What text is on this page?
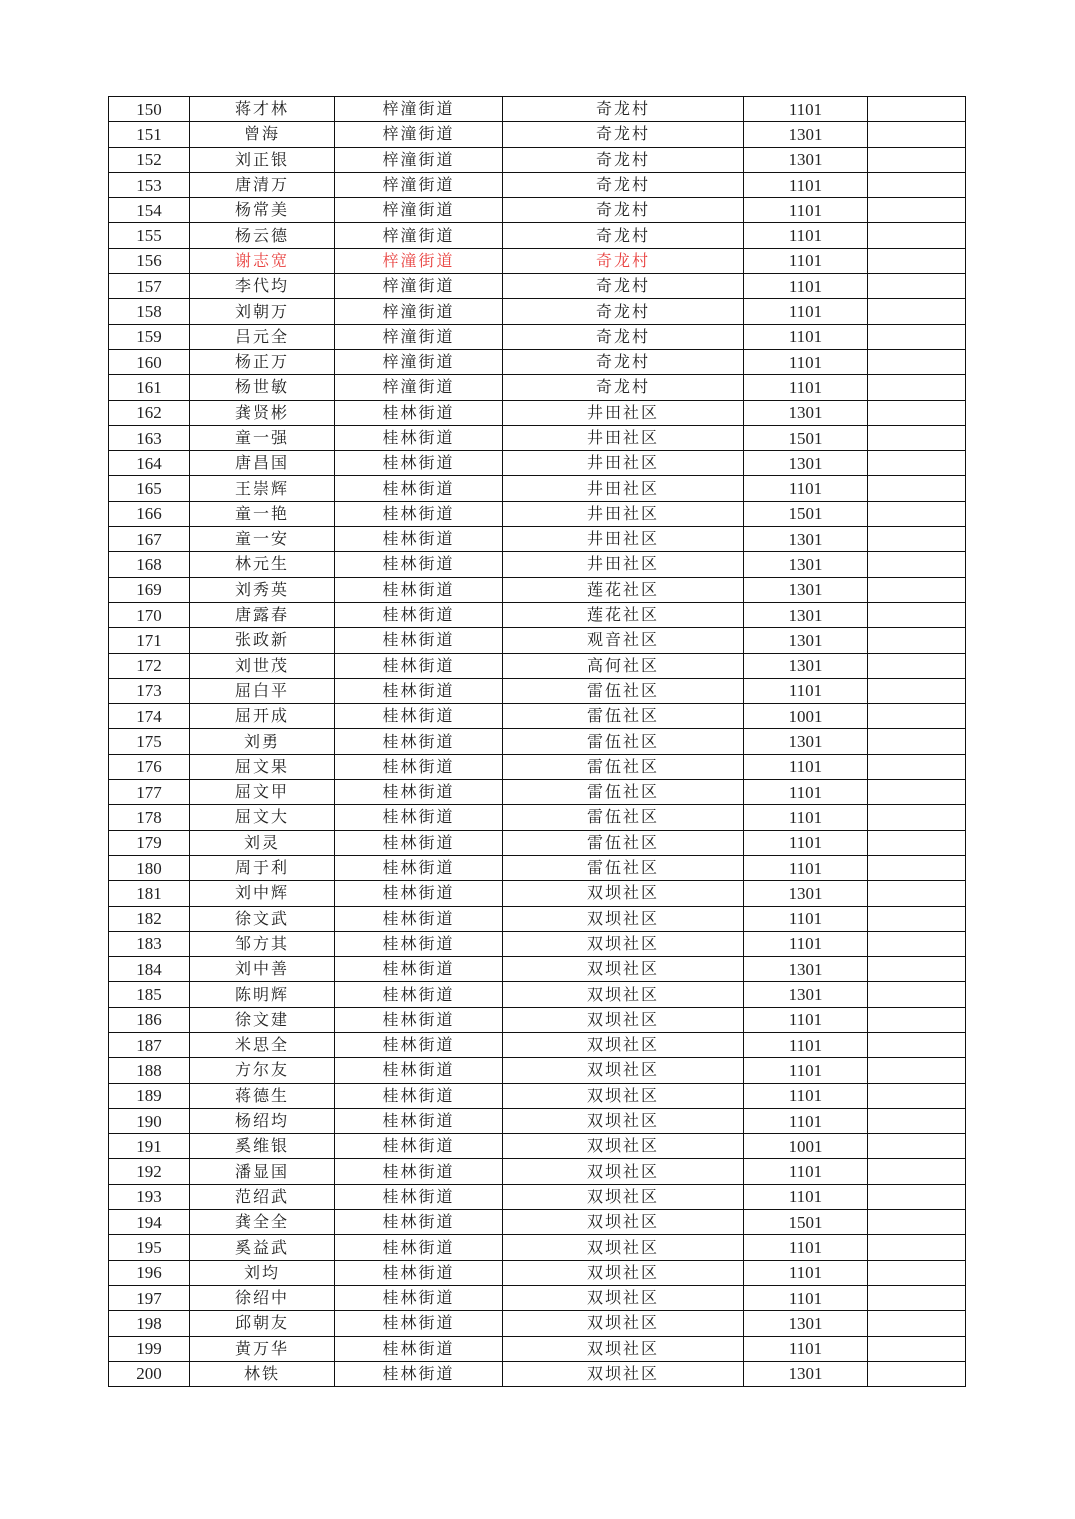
150	蒋才林	梓潼街道	奇龙村	1101	
151	曾海	梓潼街道	奇龙村	1301	
152	刘正银	梓潼街道	奇龙村	1301	
153	唐清万	梓潼街道	奇龙村	1101	
154	杨常美	梓潼街道	奇龙村	1101	
155	杨云德	梓潼街道	奇龙村	1101	
156	谢志宽	梓潼街道	奇龙村	1101	
157	李代均	梓潼街道	奇龙村	1101	
158	刘朝万	梓潼街道	奇龙村	1101	
159	吕元全	梓潼街道	奇龙村	1101	
160	杨正万	梓潼街道	奇龙村	1101	
161	杨世敏	梓潼街道	奇龙村	1101	
162	龚贤彬	桂林街道	井田社区	1301	
163	童一强	桂林街道	井田社区	1501	
164	唐昌国	桂林街道	井田社区	1301	
165	王崇辉	桂林街道	井田社区	1101	
166	童一艳	桂林街道	井田社区	1501	
167	童一安	桂林街道	井田社区	1301	
168	林元生	桂林街道	井田社区	1301	
169	刘秀英	桂林街道	莲花社区	1301	
170	唐露春	桂林街道	莲花社区	1301	
171	张政新	桂林街道	观音社区	1301	
172	刘世茂	桂林街道	高何社区	1301	
173	屈白平	桂林街道	雷伍社区	1101	
174	屈开成	桂林街道	雷伍社区	1001	
175	刘勇	桂林街道	雷伍社区	1301	
176	屈文果	桂林街道	雷伍社区	1101	
177	屈文甲	桂林街道	雷伍社区	1101	
178	屈文大	桂林街道	雷伍社区	1101	
179	刘灵	桂林街道	雷伍社区	1101	
180	周于利	桂林街道	雷伍社区	1101	
181	刘中辉	桂林街道	双坝社区	1301	
182	徐文武	桂林街道	双坝社区	1101	
183	邹方其	桂林街道	双坝社区	1101	
184	刘中善	桂林街道	双坝社区	1301	
185	陈明辉	桂林街道	双坝社区	1301	
186	徐文建	桂林街道	双坝社区	1101	
187	米思全	桂林街道	双坝社区	1101	
188	方尔友	桂林街道	双坝社区	1101	
189	蒋德生	桂林街道	双坝社区	1101	
190	杨绍均	桂林街道	双坝社区	1101	
191	奚维银	桂林街道	双坝社区	1001	
192	潘显国	桂林街道	双坝社区	1101	
193	范绍武	桂林街道	双坝社区	1101	
194	龚全全	桂林街道	双坝社区	1501	
195	奚益武	桂林街道	双坝社区	1101	
196	刘均	桂林街道	双坝社区	1101	
197	徐绍中	桂林街道	双坝社区	1101	
198	邱朝友	桂林街道	双坝社区	1301	
199	黄万华	桂林街道	双坝社区	1101	
200	林铁	桂林街道	双坝社区	1301	
